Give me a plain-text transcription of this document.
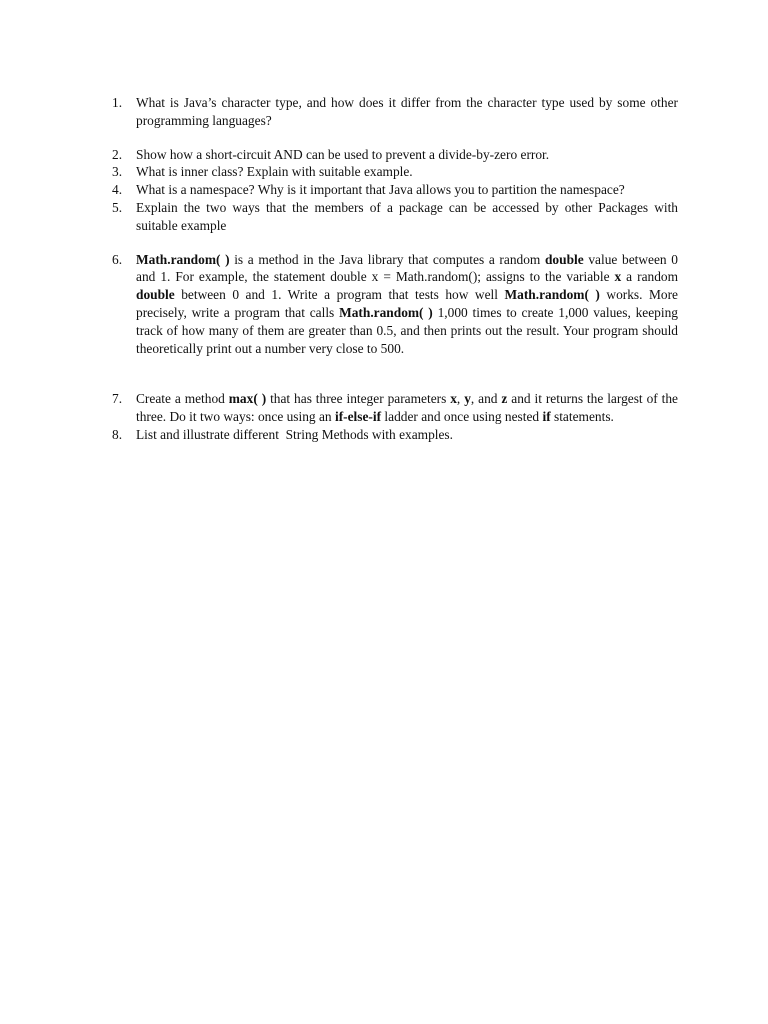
1.	What is Java’s character type, and how does it differ from the character type used by some other programming languages?
2.	Show how a short-circuit AND can be used to prevent a divide-by-zero error.
3.	What is inner class? Explain with suitable example.
4.	What is a namespace? Why is it important that Java allows you to partition the namespace?
5.	Explain the two ways that the members of a package can be accessed by other Packages with suitable example
6.	Math.random( ) is a method in the Java library that computes a random double value between 0 and 1. For example, the statement double x = Math.random(); assigns to the variable x a random double between 0 and 1. Write a program that tests how well Math.random( ) works. More precisely, write a program that calls Math.random( ) 1,000 times to create 1,000 values, keeping track of how many of them are greater than 0.5, and then prints out the result. Your program should theoretically print out a number very close to 500.
7.	Create a method max( ) that has three integer parameters x, y, and z and it returns the largest of the three. Do it two ways: once using an if-else-if ladder and once using nested if statements.
8.	List and illustrate different  String Methods with examples.
